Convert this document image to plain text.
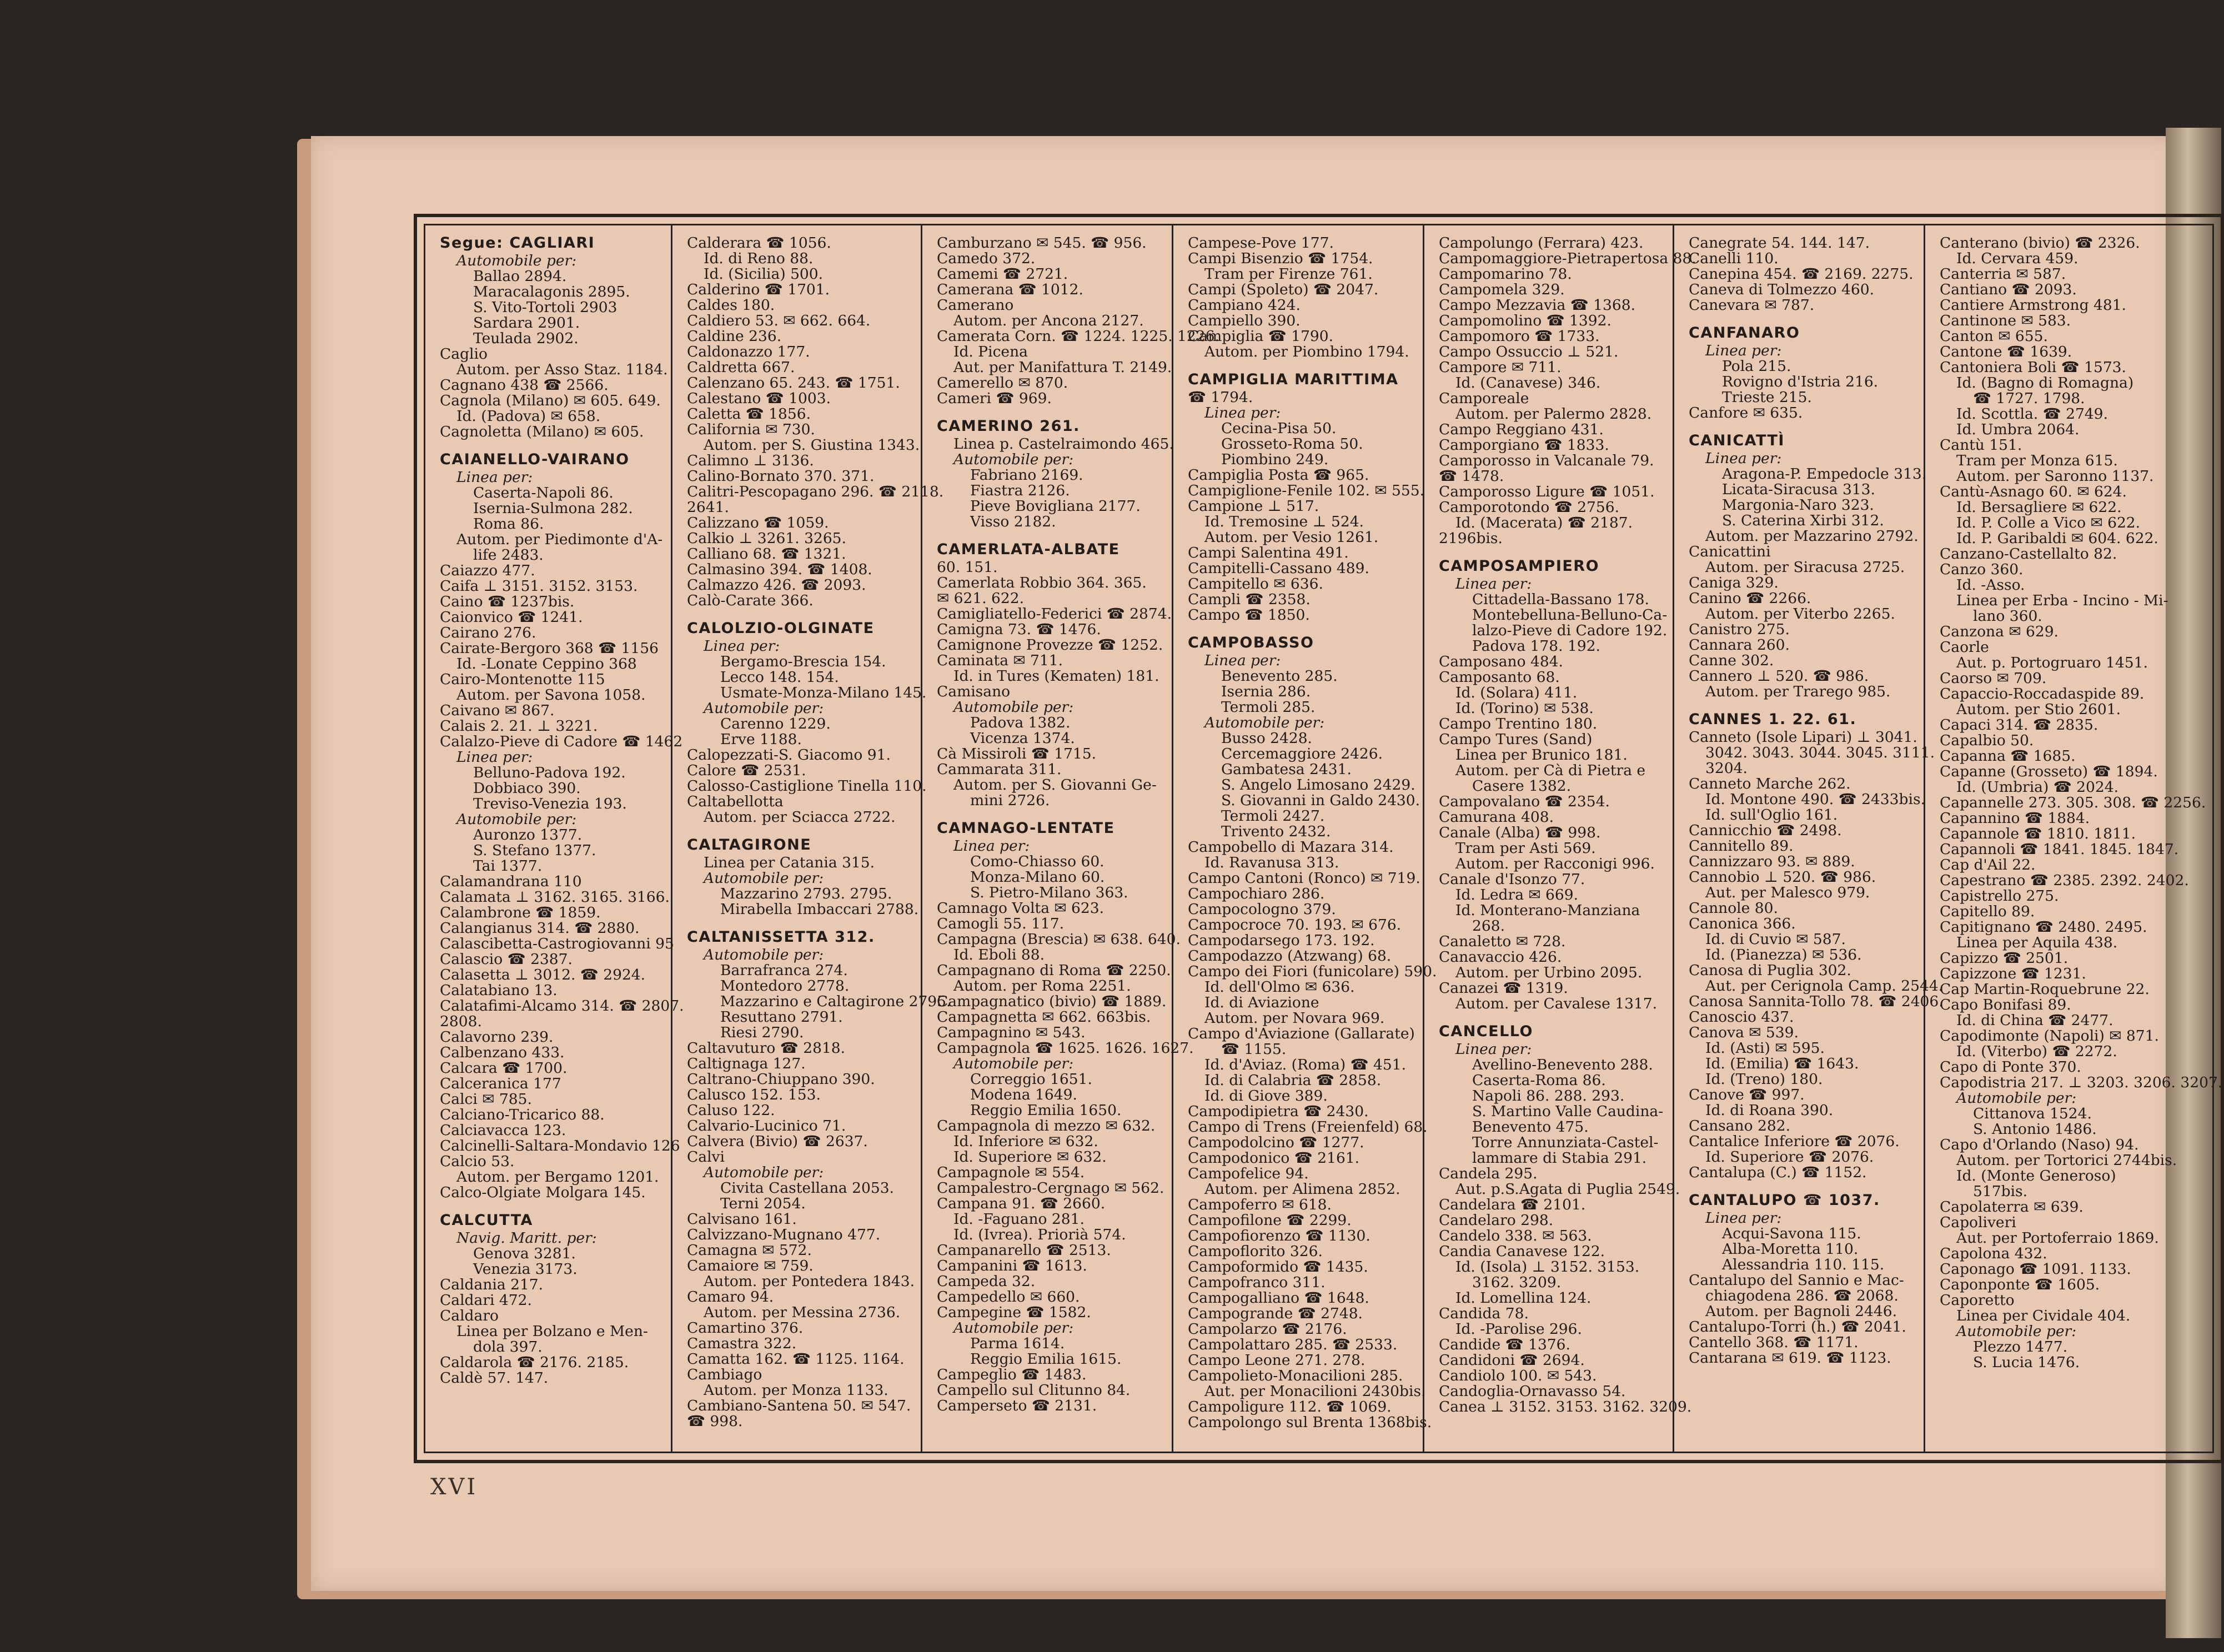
Segue: CAGLIARI
Automobile per:
Ballao 2894.
Maracalagonis 2895.
S. Vito-Tortoli 2903
Sardara 2901.
Teulada 2902.
Caglio
Autom. per Asso Staz. 1184.
Cagnano 438 ☎ 2566.
Cagnola (Milano) ✉ 605. 649.
Id. (Padova) ✉ 658.
Cagnoletta (Milano) ✉ 605.
CAIANELLO-VAIRANO
Linea per:
Caserta-Napoli 86.
Isernia-Sulmona 282.
Roma 86.
Autom. per Piedimonte d'A-
life 2483.
Caiazzo 477.
Caifa ⊥ 3151. 3152. 3153.
Caino ☎ 1237bis.
Caionvico ☎ 1241.
Cairano 276.
Cairate-Bergoro 368 ☎ 1156
Id. -Lonate Ceppino 368
Cairo-Montenotte 115
Autom. per Savona 1058.
Caivano ✉ 867.
Calais 2. 21. ⊥ 3221.
Calalzo-Pieve di Cadore ☎ 1462
Linea per:
Belluno-Padova 192.
Dobbiaco 390.
Treviso-Venezia 193.
Automobile per:
Auronzo 1377.
S. Stefano 1377.
Tai 1377.
Calamandrana 110
Calamata ⊥ 3162. 3165. 3166.
Calambrone ☎ 1859.
Calangianus 314. ☎ 2880.
Calascibetta-Castrogiovanni 95
Calascio ☎ 2387.
Calasetta ⊥ 3012. ☎ 2924.
Calatabiano 13.
Calatafimi-Alcamo 314. ☎ 2807.
2808.
Calavorno 239.
Calbenzano 433.
Calcara ☎ 1700.
Calceranica 177
Calci ✉ 785.
Calciano-Tricarico 88.
Calciavacca 123.
Calcinelli-Saltara-Mondavio 126
Calcio 53.
Autom. per Bergamo 1201.
Calco-Olgiate Molgara 145.
CALCUTTA
Navig. Maritt. per:
Genova 3281.
Venezia 3173.
Caldania 217.
Caldari 472.
Caldaro
Linea per Bolzano e Men-
dola 397.
Caldarola ☎ 2176. 2185.
Caldè 57. 147.
Calderara ☎ 1056.
Id. di Reno 88.
Id. (Sicilia) 500.
Calderino ☎ 1701.
Caldes 180.
Caldiero 53. ✉ 662. 664.
Caldine 236.
Caldonazzo 177.
Caldretta 667.
Calenzano 65. 243. ☎ 1751.
Calestano ☎ 1003.
Caletta ☎ 1856.
California ✉ 730.
Autom. per S. Giustina 1343.
Calimno ⊥ 3136.
Calino-Bornato 370. 371.
Calitri-Pescopagano 296. ☎ 2118.
2641.
Calizzano ☎ 1059.
Calkio ⊥ 3261. 3265.
Calliano 68. ☎ 1321.
Calmasino 394. ☎ 1408.
Calmazzo 426. ☎ 2093.
Calò-Carate 366.
CALOLZIO-OLGINATE
Linea per:
Bergamo-Brescia 154.
Lecco 148. 154.
Usmate-Monza-Milano 145.
Automobile per:
Carenno 1229.
Erve 1188.
Calopezzati-S. Giacomo 91.
Calore ☎ 2531.
Calosso-Castiglione Tinella 110.
Caltabellotta
Autom. per Sciacca 2722.
CALTAGIRONE
Linea per Catania 315.
Automobile per:
Mazzarino 2793. 2795.
Mirabella Imbaccari 2788.
CALTANISSETTA 312.
Automobile per:
Barrafranca 274.
Montedoro 2778.
Mazzarino e Caltagirone 2795.
Resuttano 2791.
Riesi 2790.
Caltavuturo ☎ 2818.
Caltignaga 127.
Caltrano-Chiuppano 390.
Calusco 152. 153.
Caluso 122.
Calvario-Lucinico 71.
Calvera (Bivio) ☎ 2637.
Calvi
Automobile per:
Civita Castellana 2053.
Terni 2054.
Calvisano 161.
Calvizzano-Mugnano 477.
Camagna ✉ 572.
Camaiore ✉ 759.
Autom. per Pontedera 1843.
Camaro 94.
Autom. per Messina 2736.
Camartino 376.
Camastra 322.
Camatta 162. ☎ 1125. 1164.
Cambiago
Autom. per Monza 1133.
Cambiano-Santena 50. ✉ 547.
☎ 998.
Camburzano ✉ 545. ☎ 956.
Camedo 372.
Camemi ☎ 2721.
Camerana ☎ 1012.
Camerano
Autom. per Ancona 2127.
Camerata Corn. ☎ 1224. 1225. 1226.
Id. Picena
Aut. per Manifattura T. 2149.
Camerello ✉ 870.
Cameri ☎ 969.
CAMERINO 261.
Linea p. Castelraimondo 465.
Automobile per:
Fabriano 2169.
Fiastra 2126.
Pieve Bovigliana 2177.
Visso 2182.
CAMERLATA-ALBATE
60. 151.
Camerlata Robbio 364. 365.
✉ 621. 622.
Camigliatello-Federici ☎ 2874.
Camigna 73. ☎ 1476.
Camignone Provezze ☎ 1252.
Caminata ✉ 711.
Id. in Tures (Kematen) 181.
Camisano
Automobile per:
Padova 1382.
Vicenza 1374.
Cà Missiroli ☎ 1715.
Cammarata 311.
Autom. per S. Giovanni Ge-
mini 2726.
CAMNAGO-LENTATE
Linea per:
Como-Chiasso 60.
Monza-Milano 60.
S. Pietro-Milano 363.
Camnago Volta ✉ 623.
Camogli 55. 117.
Campagna (Brescia) ✉ 638. 640.
Id. Eboli 88.
Campagnano di Roma ☎ 2250.
Autom. per Roma 2251.
Campagnatico (bivio) ☎ 1889.
Campagnetta ✉ 662. 663bis.
Campagnino ✉ 543.
Campagnola ☎ 1625. 1626. 1627.
Automobile per:
Correggio 1651.
Modena 1649.
Reggio Emilia 1650.
Campagnola di mezzo ✉ 632.
Id. Inferiore ✉ 632.
Id. Superiore ✉ 632.
Campagnole ✉ 554.
Campalestro-Cergnago ✉ 562.
Campana 91. ☎ 2660.
Id. -Faguano 281.
Id. (Ivrea). Priorià 574.
Campanarello ☎ 2513.
Campanini ☎ 1613.
Campeda 32.
Campedello ✉ 660.
Campegine ☎ 1582.
Automobile per:
Parma 1614.
Reggio Emilia 1615.
Campeglio ☎ 1483.
Campello sul Clitunno 84.
Camperseto ☎ 2131.
Campese-Pove 177.
Campi Bisenzio ☎ 1754.
Tram per Firenze 761.
Campi (Spoleto) ☎ 2047.
Campiano 424.
Campiello 390.
Campiglia ☎ 1790.
Autom. per Piombino 1794.
CAMPIGLIA MARITTIMA
☎ 1794.
Linea per:
Cecina-Pisa 50.
Grosseto-Roma 50.
Piombino 249.
Campiglia Posta ☎ 965.
Campiglione-Fenile 102. ✉ 555.
Campione ⊥ 517.
Id. Tremosine ⊥ 524.
Autom. per Vesio 1261.
Campi Salentina 491.
Campitelli-Cassano 489.
Campitello ✉ 636.
Campli ☎ 2358.
Campo ☎ 1850.
CAMPOBASSO
Linea per:
Benevento 285.
Isernia 286.
Termoli 285.
Automobile per:
Busso 2428.
Cercemaggiore 2426.
Gambatesa 2431.
S. Angelo Limosano 2429.
S. Giovanni in Galdo 2430.
Termoli 2427.
Trivento 2432.
Campobello di Mazara 314.
Id. Ravanusa 313.
Campo Cantoni (Ronco) ✉ 719.
Campochiaro 286.
Campocologno 379.
Campocroce 70. 193. ✉ 676.
Campodarsego 173. 192.
Campodazzo (Atzwang) 68.
Campo dei Fiori (funicolare) 590.
Id. dell'Olmo ✉ 636.
Id. di Aviazione
Autom. per Novara 969.
Campo d'Aviazione (Gallarate)
☎ 1155.
Id. d'Aviaz. (Roma) ☎ 451.
Id. di Calabria ☎ 2858.
Id. di Giove 389.
Campodipietra ☎ 2430.
Campo di Trens (Freienfeld) 68.
Campodolcino ☎ 1277.
Campodonico ☎ 2161.
Campofelice 94.
Autom. per Alimena 2852.
Campoferro ✉ 618.
Campofilone ☎ 2299.
Campofiorenzo ☎ 1130.
Campoflorito 326.
Campoformido ☎ 1435.
Campofranco 311.
Campogalliano ☎ 1648.
Campogrande ☎ 2748.
Campolarzo ☎ 2176.
Campolattaro 285. ☎ 2533.
Campo Leone 271. 278.
Campolieto-Monacilioni 285.
Aut. per Monacilioni 2430bis.
Campoligure 112. ☎ 1069.
Campolongo sul Brenta 1368bis.
Campolungo (Ferrara) 423.
Campomaggiore-Pietrapertosa 88.
Campomarino 78.
Campomela 329.
Campo Mezzavia ☎ 1368.
Campomolino ☎ 1392.
Campomoro ☎ 1733.
Campo Ossuccio ⊥ 521.
Campore ✉ 711.
Id. (Canavese) 346.
Camporeale
Autom. per Palermo 2828.
Campo Reggiano 431.
Camporgiano ☎ 1833.
Camporosso in Valcanale 79.
☎ 1478.
Camporosso Ligure ☎ 1051.
Camporotondo ☎ 2756.
Id. (Macerata) ☎ 2187.
2196bis.
CAMPOSAMPIERO
Linea per:
Cittadella-Bassano 178.
Montebelluna-Belluno-Ca-
lalzo-Pieve di Cadore 192.
Padova 178. 192.
Camposano 484.
Camposanto 68.
Id. (Solara) 411.
Id. (Torino) ✉ 538.
Campo Trentino 180.
Campo Tures (Sand)
Linea per Brunico 181.
Autom. per Cà di Pietra e
Casere 1382.
Campovalano ☎ 2354.
Camurana 408.
Canale (Alba) ☎ 998.
Tram per Asti 569.
Autom. per Racconigi 996.
Canale d'Isonzo 77.
Id. Ledra ✉ 669.
Id. Monterano-Manziana
268.
Canaletto ✉ 728.
Canavaccio 426.
Autom. per Urbino 2095.
Canazei ☎ 1319.
Autom. per Cavalese 1317.
CANCELLO
Linea per:
Avellino-Benevento 288.
Caserta-Roma 86.
Napoli 86. 288. 293.
S. Martino Valle Caudina-
Benevento 475.
Torre Annunziata-Castel-
lammare di Stabia 291.
Candela 295.
Aut. p.S.Agata di Puglia 2549.
Candelara ☎ 2101.
Candelaro 298.
Candelo 338. ✉ 563.
Candia Canavese 122.
Id. (Isola) ⊥ 3152. 3153.
3162. 3209.
Id. Lomellina 124.
Candida 78.
Id. -Parolise 296.
Candide ☎ 1376.
Candidoni ☎ 2694.
Candiolo 100. ✉ 543.
Candoglia-Ornavasso 54.
Canea ⊥ 3152. 3153. 3162. 3209.
Canegrate 54. 144. 147.
Canelli 110.
Canepina 454. ☎ 2169. 2275.
Caneva di Tolmezzo 460.
Canevara ✉ 787.
CANFANARO
Linea per:
Pola 215.
Rovigno d'Istria 216.
Trieste 215.
Canfore ✉ 635.
CANICATTÌ
Linea per:
Aragona-P. Empedocle 313.
Licata-Siracusa 313.
Margonia-Naro 323.
S. Caterina Xirbi 312.
Autom. per Mazzarino 2792.
Canicattini
Autom. per Siracusa 2725.
Caniga 329.
Canino ☎ 2266.
Autom. per Viterbo 2265.
Canistro 275.
Cannara 260.
Canne 302.
Cannero ⊥ 520. ☎ 986.
Autom. per Trarego 985.
CANNES 1. 22. 61.
Canneto (Isole Lipari) ⊥ 3041.
3042. 3043. 3044. 3045. 3111.
3204.
Canneto Marche 262.
Id. Montone 490. ☎ 2433bis.
Id. sull'Oglio 161.
Cannicchio ☎ 2498.
Cannitello 89.
Cannizzaro 93. ✉ 889.
Cannobio ⊥ 520. ☎ 986.
Aut. per Malesco 979.
Cannole 80.
Canonica 366.
Id. di Cuvio ✉ 587.
Id. (Pianezza) ✉ 536.
Canosa di Puglia 302.
Aut. per Cerignola Camp. 2544.
Canosa Sannita-Tollo 78. ☎ 2406.
Canoscio 437.
Canova ✉ 539.
Id. (Asti) ✉ 595.
Id. (Emilia) ☎ 1643.
Id. (Treno) 180.
Canove ☎ 997.
Id. di Roana 390.
Cansano 282.
Cantalice Inferiore ☎ 2076.
Id. Superiore ☎ 2076.
Cantalupa (C.) ☎ 1152.
CANTALUPO ☎ 1037.
Linea per:
Acqui-Savona 115.
Alba-Moretta 110.
Alessandria 110. 115.
Cantalupo del Sannio e Mac-
chiagodena 286. ☎ 2068.
Autom. per Bagnoli 2446.
Cantalupo-Torri (h.) ☎ 2041.
Cantello 368. ☎ 1171.
Cantarana ✉ 619. ☎ 1123.
Canterano (bivio) ☎ 2326.
Id. Cervara 459.
Canterria ✉ 587.
Cantiano ☎ 2093.
Cantiere Armstrong 481.
Cantinone ✉ 583.
Canton ✉ 655.
Cantone ☎ 1639.
Cantoniera Boli ☎ 1573.
Id. (Bagno di Romagna)
☎ 1727. 1798.
Id. Scottla. ☎ 2749.
Id. Umbra 2064.
Cantù 151.
Tram per Monza 615.
Autom. per Saronno 1137.
Cantù-Asnago 60. ✉ 624.
Id. Bersagliere ✉ 622.
Id. P. Colle a Vico ✉ 622.
Id. P. Garibaldi ✉ 604. 622.
Canzano-Castellalto 82.
Canzo 360.
Id. -Asso.
Linea per Erba - Incino - Mi-
lano 360.
Canzona ✉ 629.
Caorle
Aut. p. Portogruaro 1451.
Caorso ✉ 709.
Capaccio-Roccadaspide 89.
Autom. per Stio 2601.
Capaci 314. ☎ 2835.
Capalbio 50.
Capanna ☎ 1685.
Capanne (Grosseto) ☎ 1894.
Id. (Umbria) ☎ 2024.
Capannelle 273. 305. 308. ☎ 2256.
Capannino ☎ 1884.
Capannole ☎ 1810. 1811.
Capannoli ☎ 1841. 1845. 1847.
Cap d'Ail 22.
Capestrano ☎ 2385. 2392. 2402.
Capistrello 275.
Capitello 89.
Capitignano ☎ 2480. 2495.
Linea per Aquila 438.
Capizzo ☎ 2501.
Capizzone ☎ 1231.
Cap Martin-Roquebrune 22.
Capo Bonifasi 89.
Id. di China ☎ 2477.
Capodimonte (Napoli) ✉ 871.
Id. (Viterbo) ☎ 2272.
Capo di Ponte 370.
Capodistria 217. ⊥ 3203. 3206. 3207.
Automobile per:
Cittanova 1524.
S. Antonio 1486.
Capo d'Orlando (Naso) 94.
Autom. per Tortorici 2744bis.
Id. (Monte Generoso)
517bis.
Capolaterra ✉ 639.
Capoliveri
Aut. per Portoferraio 1869.
Capolona 432.
Caponago ☎ 1091. 1133.
Caponponte ☎ 1605.
Caporetto
Linea per Cividale 404.
Automobile per:
Plezzo 1477.
S. Lucia 1476.
XVI
